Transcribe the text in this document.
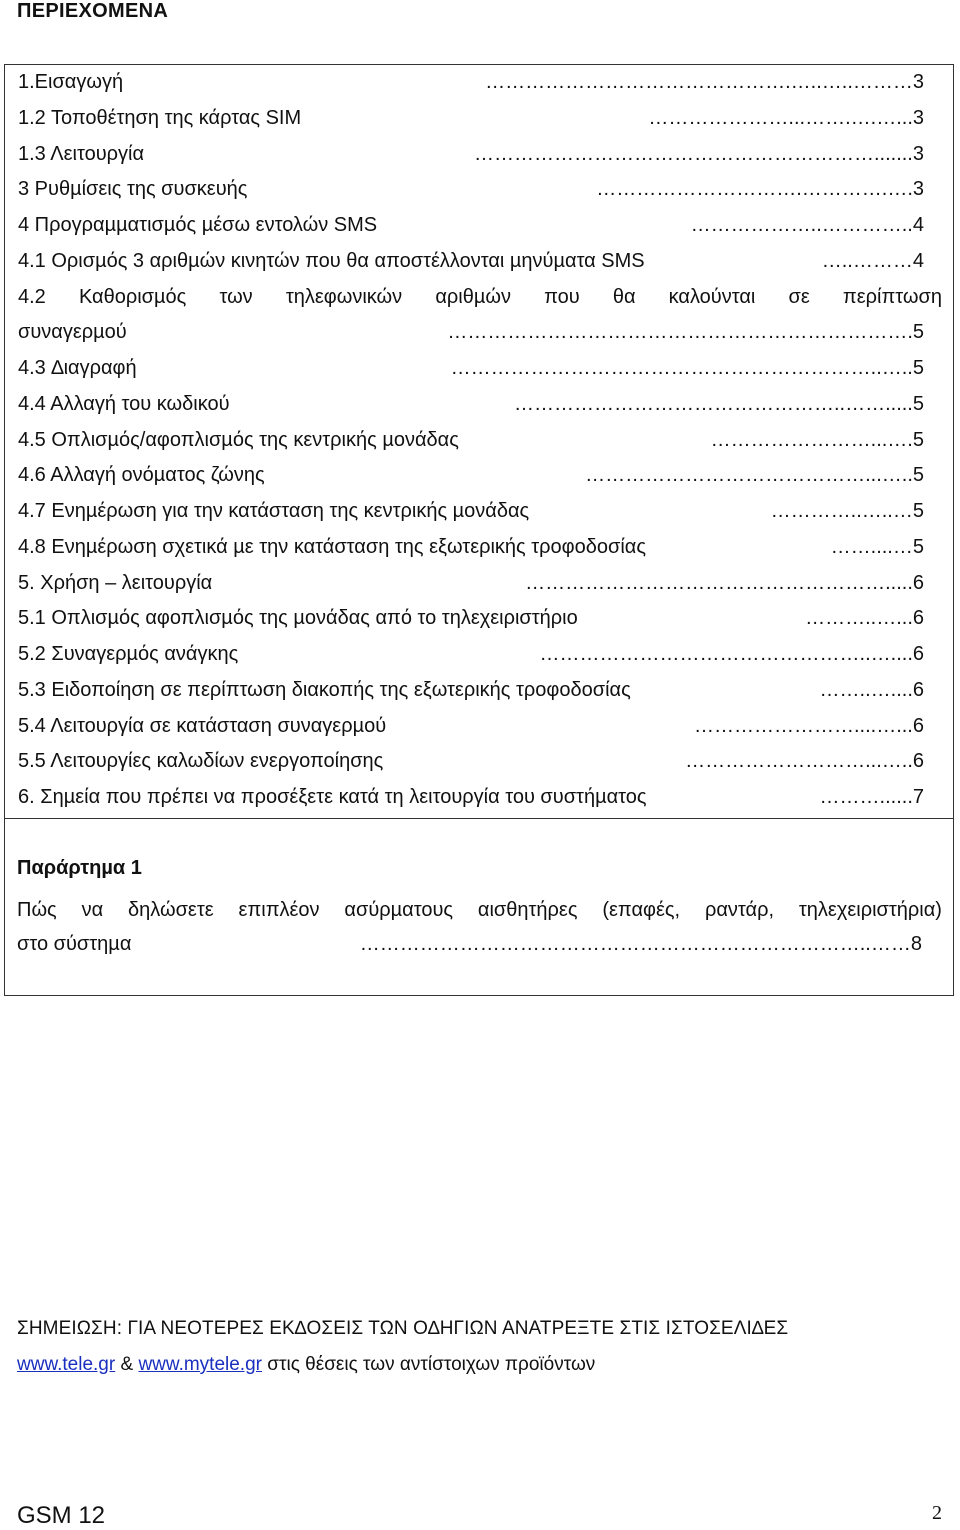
ΠΕΡΙΕΧΟΜΕΝΑ
1.Εισαγωγή	……………………………………….…..…..………3
1.2 Τοποθέτηση της κάρτας SIM	…………………...…….….…...3
1.3 Λειτουργία	…………………………………………………….......3
3 Ρυθµίσεις της συσκευής	………………………….………….….3
4 Προγραµµατισµός µέσω εντολών SMS	………………..…………..4
4.1 Ορισµός 3 αριθµών κινητών που θα αποστέλλονται µηνύµατα SMS	…..………4
4.2 Καθορισµός των τηλεφωνικών αριθµών που θα καλούνται σε περίπτωση
συναγερµού	…………………………………………………………….5
4.3 ∆ιαγραφή	………………………………………………………..…..5
4.4 Αλλαγή του κωδικού	…………………………………………..…….....5
4.5 Οπλισµός/αφοπλισµός της κεντρικής µονάδας	……………………...….5
4.6 Αλλαγή ονόµατος ζώνης	……………………………………...…..5
4.7 Ενηµέρωση για την κατάσταση της κεντρικής µονάδας	…………..…..…5
4.8 Ενηµέρωση σχετικά µε την κατάσταση της εξωτερικής τροφοδοσίας	……....…5
5. Χρήση – λειτουργία	……………………………………………….....6
5.1 Οπλισµός αφοπλισµός της µονάδας από το τηλεχειριστήριο	………..…...6
5.2 Συναγερµός ανάγκης	…………………………………………..…....6
5.3 Ειδοποίηση σε περίπτωση διακοπής της εξωτερικής τροφοδοσίας	……..…....6
5.4 Λειτουργία σε κατάσταση συναγερµού	……………………....…...6
5.5 Λειτουργίες καλωδίων ενεργοποίησης	………………………...…..6
6. Σηµεία που πρέπει να προσέξετε κατά τη λειτουργία του συστήµατος	………......7
Παράρτηµα 1
Πώς να δηλώσετε επιπλέον ασύρµατους αισθητήρες (επαφές, ραντάρ, τηλεχειριστήρια)
στο σύστηµα	…………………………………………………………………..……8
ΣΗΜΕΙΩΣΗ: ΓΙΑ ΝΕΟΤΕΡΕΣ ΕΚ∆ΟΣΕΙΣ ΤΩΝ Ο∆ΗΓΙΩΝ ΑΝΑΤΡΕΞΤΕ ΣΤΙΣ ΙΣΤΟΣΕΛΙ∆ΕΣ
www.tele.gr & www.mytele.gr στις θέσεις των αντίστοιχων προϊόντων
GSM 12	2
